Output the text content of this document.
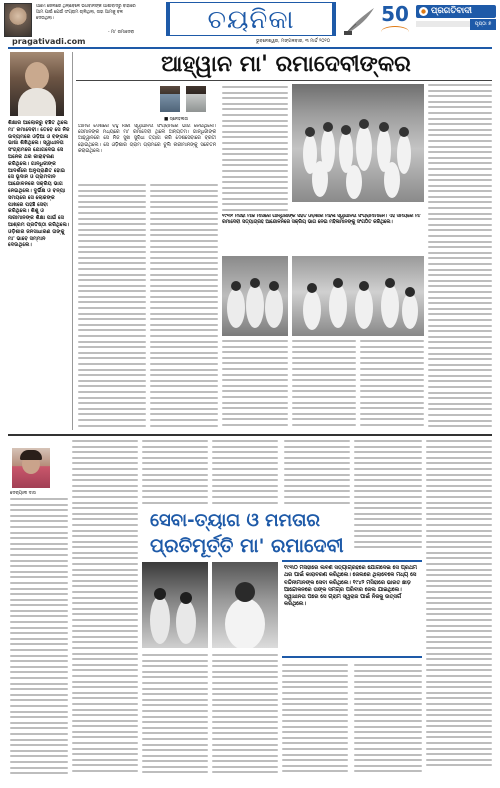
ଆମେ ଜେଲରେ ଥିଲାବେଳେ ଭଗବାନଙ୍କ ଆଶୀର୍ବାଦରୁ ବାହାରେ ଆମ ପାଇଁ ଯେଉଁ ସଂଗ୍ରାମ ଚାଲିଥିଲା, ତାହା ଆମକୁ ବଳ ଦେଉଥିଲା।
- ମା' ରମାଦେବୀ	ଚୟନିକା	50	ପ୍ରଗତିବାଦୀ
ପୃଷ୍ଠା ୭
pragativadi.com	ଭୁବନେଶ୍ୱର, ମଙ୍ଗଳବାର, ୩ ମାର୍ଚ୍ଚ ୨୦୨୦
ଶିକ୍ଷାର ଆଲୋକରୁ ବଞ୍ଚିତ ଥିଲେ ମା' ରମାଦେବୀ। ତେବେ ସେ ନିଜ ଉଦ୍ୟମରେ ଓଡ଼ିଆ ଓ ବଙ୍ଗଳା ଭାଷା ଶିଖିଥିଲେ। ସ୍ୱାଧୀନତା ସଂଗ୍ରାମରେ ଯୋଗଦେଇ ସେ ଅନେକ ଥର କାରାବରଣ କରିଥିଲେ। ଗାନ୍ଧିଜୀଙ୍କ ଆଦର୍ଶରେ ଅନୁପ୍ରାଣିତ ହୋଇ ସେ ଭୂଦାନ ଓ ଗ୍ରାମଦାନ ଆନ୍ଦୋଳନରେ ସକ୍ରିୟ ଭାଗ ନେଇଥିଲେ। ଦୁର୍ଭିକ୍ଷ ଓ ବନ୍ୟା ସମୟରେ ସେ ଲୋକଙ୍କ ପାଖରେ ପହଞ୍ଚି ସେବା କରିଥିଲେ। ଶିଶୁ ଓ ନାରୀମାନଙ୍କ ଶିକ୍ଷା ପାଇଁ ସେ ଆଶ୍ରମ ପ୍ରତିଷ୍ଠା କରିଥିଲେ। ଓଡ଼ିଶାର ଜନସାଧାରଣ ତାଙ୍କୁ ମା' ଭାବେ ସମ୍ମାନ ଦେଉଥିଲେ।
ଆହ୍ୱାନ ମା' ରମାଦେବୀଙ୍କର
■ ସ୍ନେହଲତା
ଆମର ଦେଶରେ ବହୁ ନାରୀ ସ୍ୱାଧୀନତା ସଂଗ୍ରାମରେ ଭାଗ ନେଇଥିଲେ। ସେମାନଙ୍କ ମଧ୍ୟରେ ମା' ରମାଦେବୀ ଥିଲେ ଅନ୍ୟତମ। ଗାନ୍ଧିଜୀଙ୍କ ଆହ୍ୱାନରେ ସେ ନିଜ ସୁଖ ସୁବିଧା ତ୍ୟାଗ କରି ଦେଶସେବାରେ ବ୍ରତୀ ହୋଇଥିଲେ। ସେ ଓଡ଼ିଶାର ଗ୍ରାମ ଗ୍ରାମରେ ବୁଲି ନାରୀମାନଙ୍କୁ ସଚେତନ କରାଇଥିଲେ।
୧୯୩୧ ମସିହା ମାର୍ଚ୍ଚ ମାସରେ ଗାନ୍ଧିଜୀଙ୍କ ସହିତ ଓଡ଼ିଶାର ମହିଳା ସ୍ୱାଧୀନତା ସଂଗ୍ରାମୀମାନେ। ଏହି ସମୟରେ ମା' ରମାଦେବୀ ସତ୍ୟାଗ୍ରହ ଆନ୍ଦୋଳନରେ ସକ୍ରିୟ ଭାଗ ନେଇ ମହିଳାମାନଙ୍କୁ ସଂଗଠିତ କରିଥିଲେ।
ଦେବ୍ୟାନୀ ଦାସ
ସେବା-ତ୍ୟାଗ ଓ ମମତାର
ପ୍ରତିମୂର୍ତ୍ତି ମା' ରମାଦେବୀ
୧୯୩୦ ମସିହାରେ ଲବଣ ସତ୍ୟାଗ୍ରହରେ ଯୋଗଦେଇ ସେ ପ୍ରଥମ ଥର ପାଇଁ କାରାବରଣ କରିଥିଲେ। ଜେଲରେ ଥିଲାବେଳେ ମଧ୍ୟ ସେ ବନ୍ଦିନୀମାନଙ୍କ ସେବା କରିଥିଲେ। ୧୯୪୨ ମସିହାରେ ଭାରତ ଛାଡ଼ ଆନ୍ଦୋଳନରେ ତାଙ୍କ ସମଗ୍ର ପରିବାର ଜେଲ ଯାଇଥିଲେ। ସ୍ୱାଧୀନତା ପରେ ସେ ଗ୍ରାମ ସ୍ୱରାଜ ପାଇଁ ନିଜକୁ ଉତ୍ସର୍ଗ କରିଥିଲେ।
